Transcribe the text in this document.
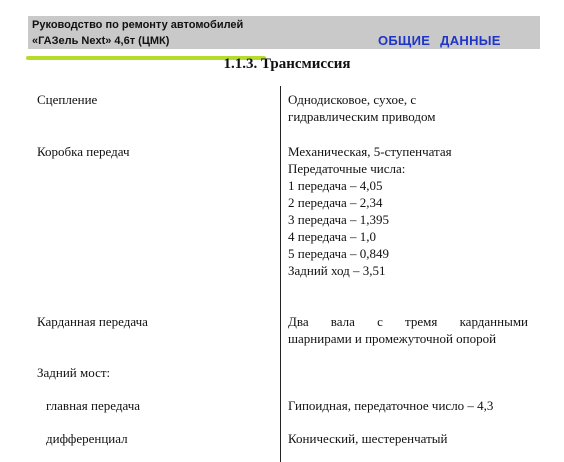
Руководство по ремонту автомобилей
«ГАЗель Next» 4,6т (ЦМК)	ОБЩИЕ ДАННЫЕ
1.1.3. Трансмиссия
Сцепление	Однодисковое, сухое, с
гидравлическим приводом
Коробка передач	Механическая, 5-ступенчатая
Передаточные числа:
1 передача – 4,05
2 передача – 2,34
3 передача – 1,395
4 передача – 1,0
5 передача – 0,849
Задний ход – 3,51
Карданная передача	Два вала с тремя карданными
шарнирами и промежуточной опорой
Задний мост:
главная передача	Гипоидная, передаточное число – 4,3
дифференциал	Конический, шестеренчатый
